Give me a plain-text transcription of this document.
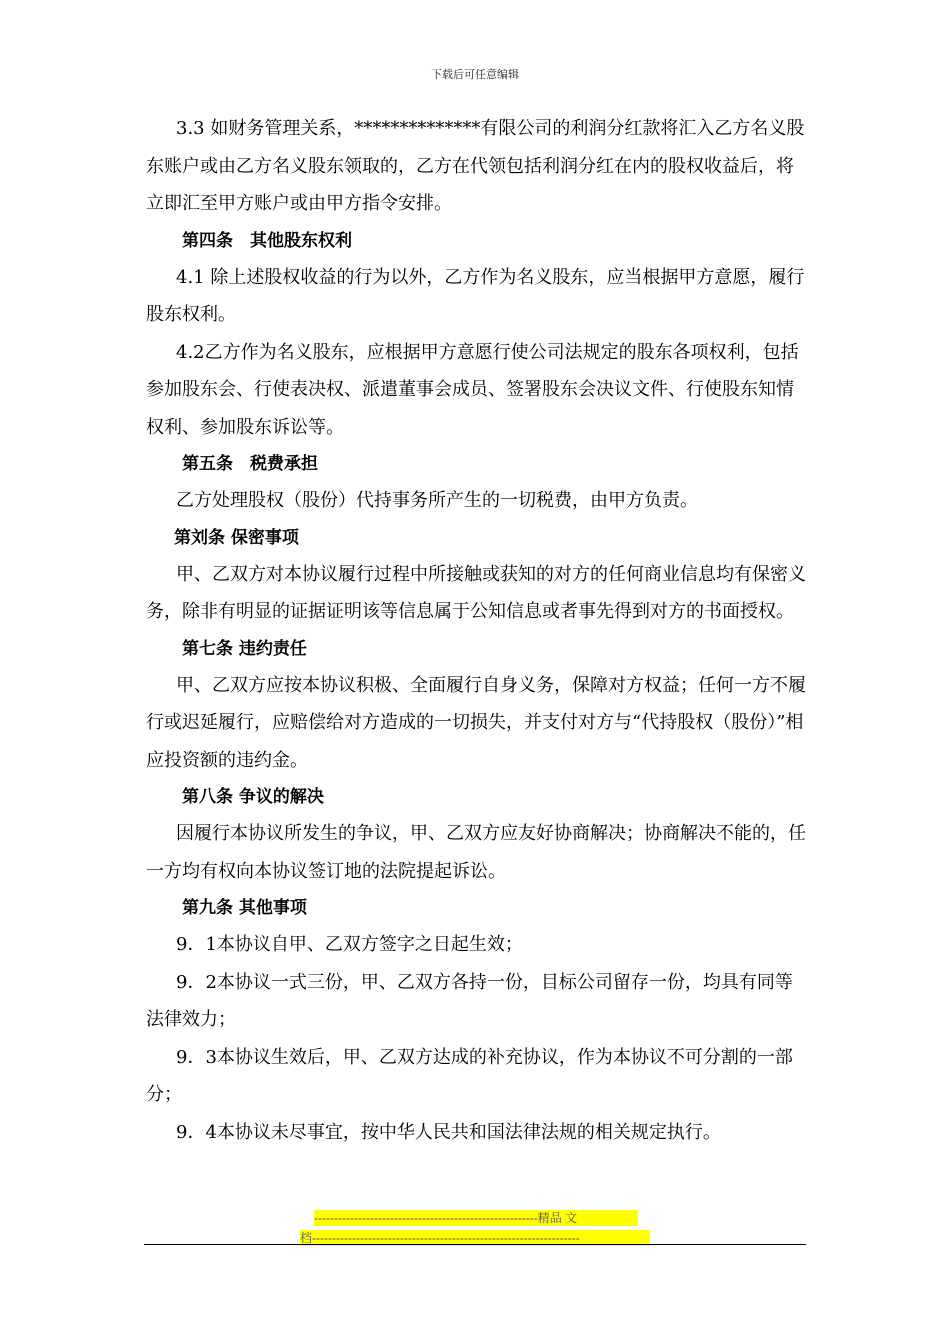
下载后可任意编辑

3.3 如财务管理关系，**************有限公司的利润分红款将汇入乙方名义股东账户或由乙方名义股东领取的，乙方在代领包括利润分红在内的股权收益后，将立即汇至甲方账户或由甲方指令安排。

第四条　其他股东权利

4.1 除上述股权收益的行为以外，乙方作为名义股东，应当根据甲方意愿，履行股东权利。

4.2乙方作为名义股东，应根据甲方意愿行使公司法规定的股东各项权利，包括参加股东会、行使表决权、派遣董事会成员、签署股东会决议文件、行使股东知情权利、参加股东诉讼等。

第五条　税费承担

乙方处理股权（股份）代持事务所产生的一切税费，由甲方负责。

第刘条 保密事项

甲、乙双方对本协议履行过程中所接触或获知的对方的任何商业信息均有保密义务，除非有明显的证据证明该等信息属于公知信息或者事先得到对方的书面授权。

第七条 违约责任

甲、乙双方应按本协议积极、全面履行自身义务，保障对方权益；任何一方不履行或迟延履行，应赔偿给对方造成的一切损失，并支付对方与“代持股权（股份）”相应投资额的违约金。

第八条 争议的解决

因履行本协议所发生的争议，甲、乙双方应友好协商解决；协商解决不能的，任一方均有权向本协议签订地的法院提起诉讼。

第九条 其他事项

9．1本协议自甲、乙双方签字之日起生效；

9．2本协议一式三份，甲、乙双方各持一份，目标公司留存一份，均具有同等法律效力；

9．3本协议生效后，甲、乙双方达成的补充协议，作为本协议不可分割的一部分；

9．4本协议未尽事宜，按中华人民共和国法律法规的相关规定执行。

--------------------------------------------------------精品 文
档-------------------------------------------------------------------
